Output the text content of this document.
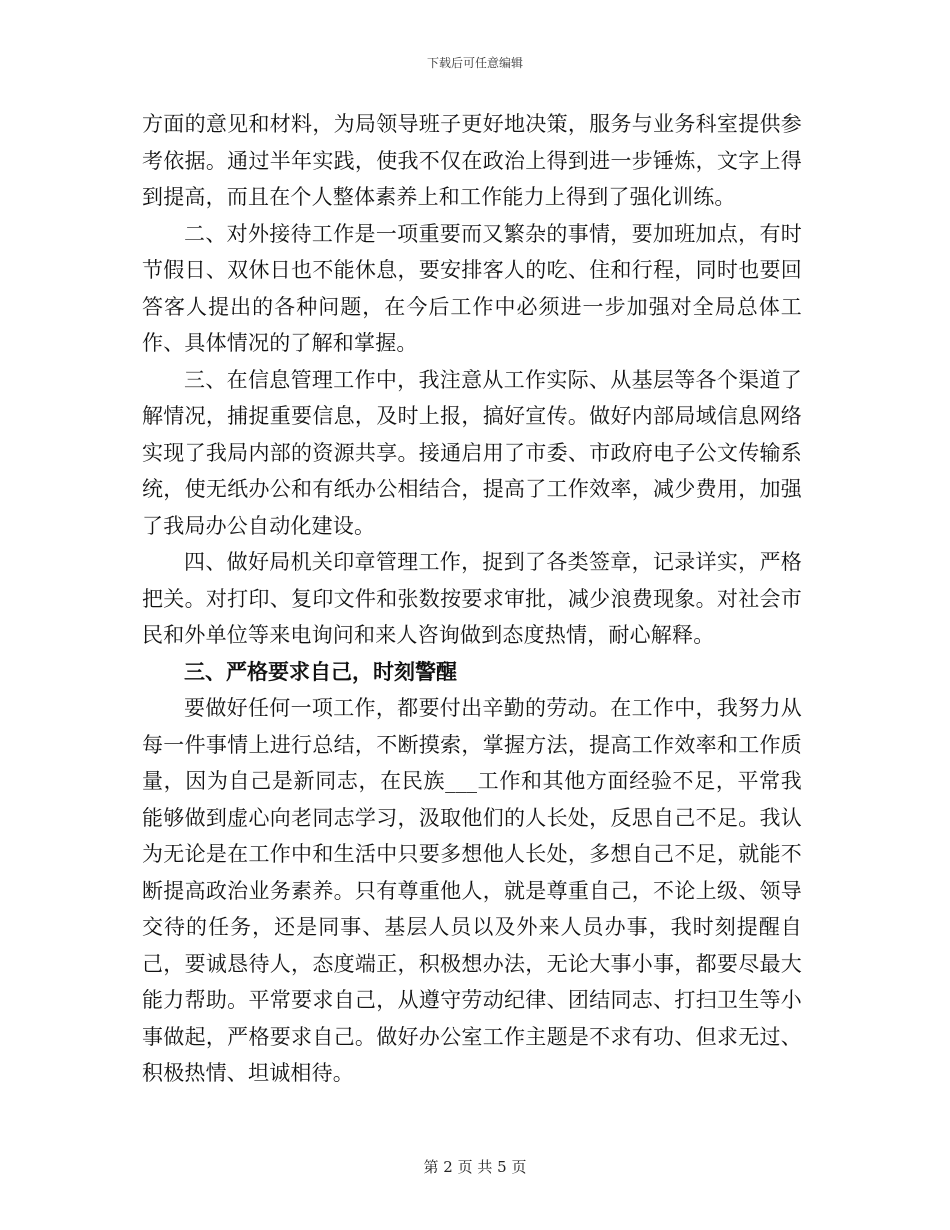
下载后可任意编辑

方面的意见和材料，为局领导班子更好地决策，服务与业务科室提供参考依据。通过半年实践，使我不仅在政治上得到进一步锤炼，文字上得到提高，而且在个人整体素养上和工作能力上得到了强化训练。

二、对外接待工作是一项重要而又繁杂的事情，要加班加点，有时节假日、双休日也不能休息，要安排客人的吃、住和行程，同时也要回答客人提出的各种问题，在今后工作中必须进一步加强对全局总体工作、具体情况的了解和掌握。

三、在信息管理工作中，我注意从工作实际、从基层等各个渠道了解情况，捕捉重要信息，及时上报，搞好宣传。做好内部局域信息网络实现了我局内部的资源共享。接通启用了市委、市政府电子公文传输系统，使无纸办公和有纸办公相结合，提高了工作效率，减少费用，加强了我局办公自动化建设。

四、做好局机关印章管理工作，捉到了各类签章，记录详实，严格把关。对打印、复印文件和张数按要求审批，减少浪费现象。对社会市民和外单位等来电询问和来人咨询做到态度热情，耐心解释。

三、严格要求自己，时刻警醒

要做好任何一项工作，都要付出辛勤的劳动。在工作中，我努力从每一件事情上进行总结，不断摸索，掌握方法，提高工作效率和工作质量，因为自己是新同志，在民族___工作和其他方面经验不足，平常我能够做到虚心向老同志学习，汲取他们的人长处，反思自己不足。我认为无论是在工作中和生活中只要多想他人长处，多想自己不足，就能不断提高政治业务素养。只有尊重他人，就是尊重自己，不论上级、领导交待的任务，还是同事、基层人员以及外来人员办事，我时刻提醒自己，要诚恳待人，态度端正，积极想办法，无论大事小事，都要尽最大能力帮助。平常要求自己，从遵守劳动纪律、团结同志、打扫卫生等小事做起，严格要求自己。做好办公室工作主题是不求有功、但求无过、积极热情、坦诚相待。

第 2 页 共 5 页
